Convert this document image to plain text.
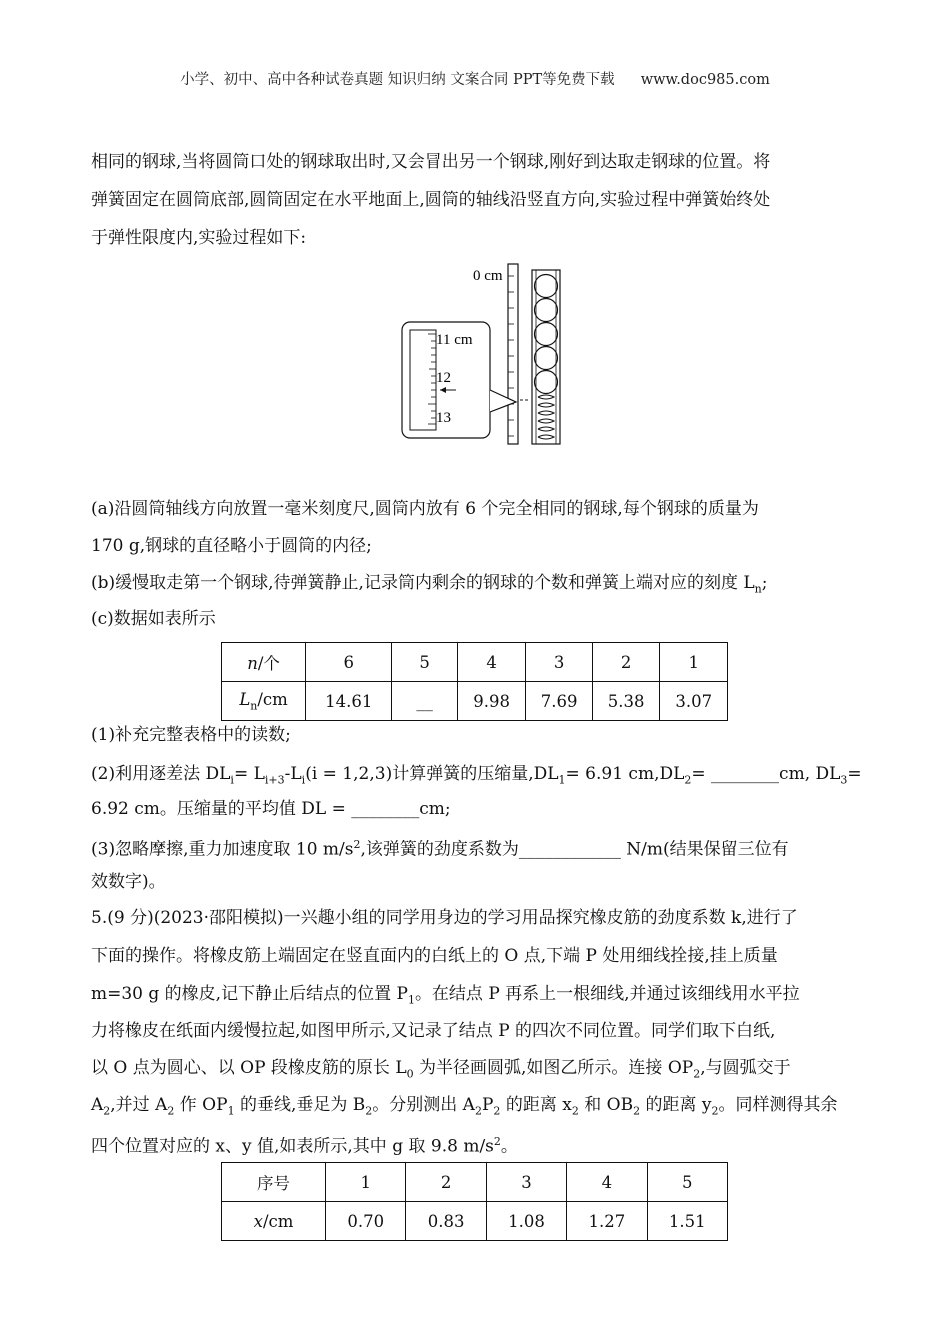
小学、初中、高中各种试卷真题 知识归纳 文案合同 PPT等免费下载 www.doc985.com
相同的钢球,当将圆筒口处的钢球取出时,又会冒出另一个钢球,刚好到达取走钢球的位置。将
弹簧固定在圆筒底部,圆筒固定在水平地面上,圆筒的轴线沿竖直方向,实验过程中弹簧始终处
于弹性限度内,实验过程如下:
0 cm
11 cm
12
13
(a)沿圆筒轴线方向放置一毫米刻度尺,圆筒内放有 6 个完全相同的钢球,每个钢球的质量为
170 g,钢球的直径略小于圆筒的内径;
(b)缓慢取走第一个钢球,待弹簧静止,记录筒内剩余的钢球的个数和弹簧上端对应的刻度 $L_n$;
(c)数据如表所示
n/个	6	5	4	3	2	1
$L_n/cm$	14.61	__	9.98	7.69	5.38	3.07
(1)补充完整表格中的读数;
(2)利用逐差法 $DL_i= L_{i+3}-L_i(i = 1,2,3)$计算弹簧的压缩量$,DL_1= 6.91$ $cm,DL_2=$ ________cm, $DL_3=$
6.92 cm。压缩量的平均值 DL = ________cm;
(3)忽略摩擦,重力加速度取 10 $m/s^2$,该弹簧的劲度系数为____________ N/m(结果保留三位有
效数字)。
5.(9 分)(2023·邵阳模拟)一兴趣小组的同学用身边的学习用品探究橡皮筋的劲度系数 k,进行了
下面的操作。将橡皮筋上端固定在竖直面内的白纸上的 O 点,下端 P 处用细线拴接,挂上质量
m=30 g 的橡皮,记下静止后结点的位置 $P_1$。在结点 P 再系上一根细线,并通过该细线用水平拉
力将橡皮在纸面内缓慢拉起,如图甲所示,又记录了结点 P 的四次不同位置。同学们取下白纸,
以 O 点为圆心、以 OP 段橡皮筋的原长 $L_0$ 为半径画圆弧,如图乙所示。连接 $OP_2$,与圆弧交于
$A_2$,并过 $A_2$ 作 $OP_1$ 的垂线,垂足为 $B_2$。分别测出 $A_2P_2$ 的距离 $x_2$ 和 $OB_2$ 的距离 $y_2$。同样测得其余
四个位置对应的 x、y 值,如表所示,其中 g 取 9.8 $m/s^2$。
序号	1	2	3	4	5
x/cm	0.70	0.83	1.08	1.27	1.51
